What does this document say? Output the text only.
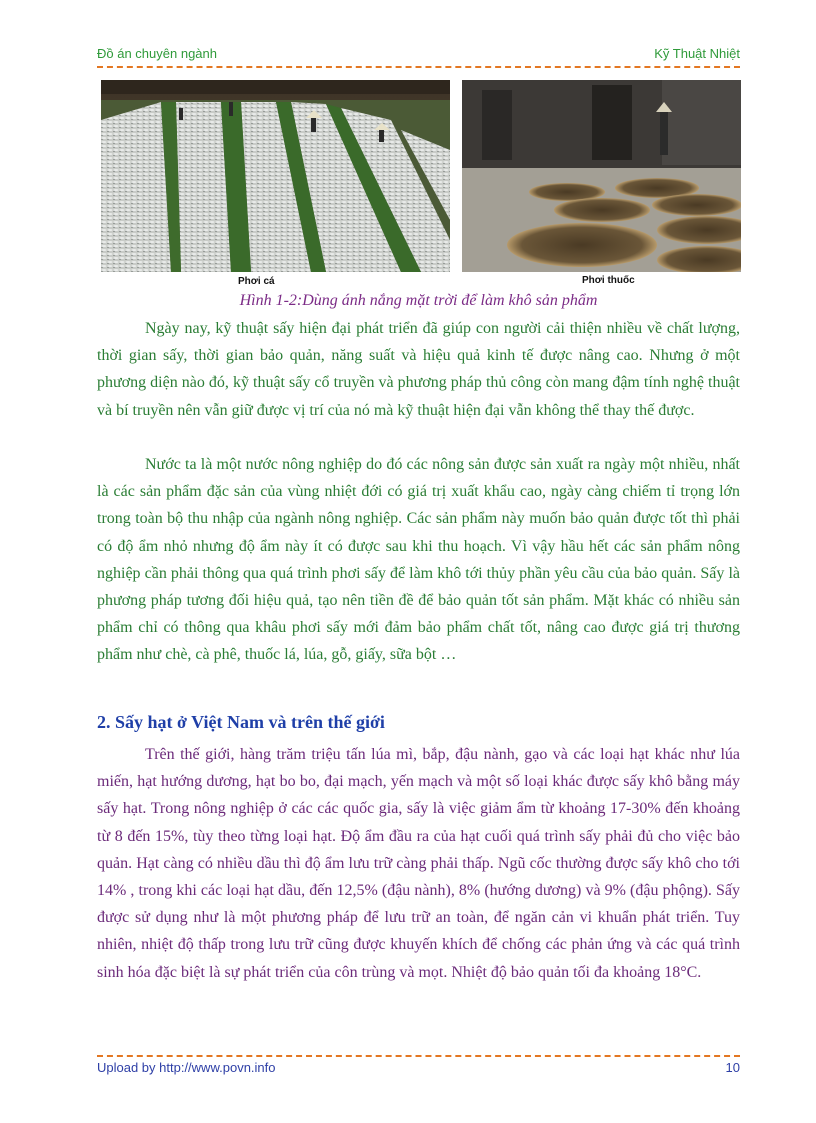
Đồ án chuyên ngành	Kỹ Thuật Nhiệt
Phơi cá	Phơi thuốc
Hình 1-2:Dùng ánh nắng mặt trời để làm khô sản phẩm

Ngày nay, kỹ thuật sấy hiện đại phát triển đã giúp con người cải thiện nhiều về chất lượng, thời gian sấy, thời gian bảo quản, năng suất và hiệu quả kinh tế được nâng cao. Nhưng ở một phương diện nào đó, kỹ thuật sấy cổ truyền và phương pháp thủ công còn mang đậm tính nghệ thuật và bí truyền nên vẫn giữ được vị trí của nó mà kỹ thuật hiện đại vẫn không thể thay thế được.

Nước ta là một nước nông nghiệp do đó các nông sản được sản xuất ra ngày một nhiều, nhất là các sản phẩm đặc sản của vùng nhiệt đới có giá trị xuất khẩu cao, ngày càng chiếm tỉ trọng lớn trong toàn bộ thu nhập của ngành nông nghiệp. Các sản phẩm này muốn bảo quản được tốt thì phải có độ ẩm nhỏ nhưng độ ẩm này ít có được sau khi thu hoạch. Vì vậy hầu hết các sản phẩm nông nghiệp cần phải thông qua quá trình phơi sấy để làm khô tới thủy phần yêu cầu của bảo quản. Sấy là phương pháp tương đối hiệu quả, tạo nên tiền đề để bảo quản tốt sản phẩm. Mặt khác có nhiều sản phẩm chỉ có thông qua khâu phơi sấy mới đảm bảo phẩm chất tốt, nâng cao được giá trị thương phẩm như chè, cà phê, thuốc lá, lúa, gỗ, giấy, sữa bột …

2. Sấy hạt ở Việt Nam và trên thế giới

Trên thế giới, hàng trăm triệu tấn lúa mì, bắp, đậu nành, gạo và các loại hạt khác như lúa miến, hạt hướng dương, hạt bo bo, đại mạch, yến mạch và một số loại khác được sấy khô bằng máy sấy hạt. Trong nông nghiệp ở các các quốc gia, sấy là việc giảm ẩm từ khoảng 17-30% đến khoảng từ 8 đến 15%, tùy theo từng loại hạt. Độ ẩm đầu ra của hạt cuối quá trình sấy phải đủ cho việc bảo quản. Hạt càng có nhiều dầu thì độ ẩm lưu trữ càng phải thấp. Ngũ cốc thường được sấy khô cho tới 14% , trong khi các loại hạt dầu, đến 12,5% (đậu nành), 8% (hướng dương) và 9% (đậu phộng). Sấy được sử dụng như là một phương pháp để lưu trữ an toàn, để ngăn cản vi khuẩn phát triển. Tuy nhiên, nhiệt độ thấp trong lưu trữ cũng được khuyến khích để chống các phản ứng và các quá trình sinh hóa đặc biệt là sự phát triển của côn trùng và mọt. Nhiệt độ bảo quản tối đa khoảng 18°C.

Upload by http://www.povn.info	10
